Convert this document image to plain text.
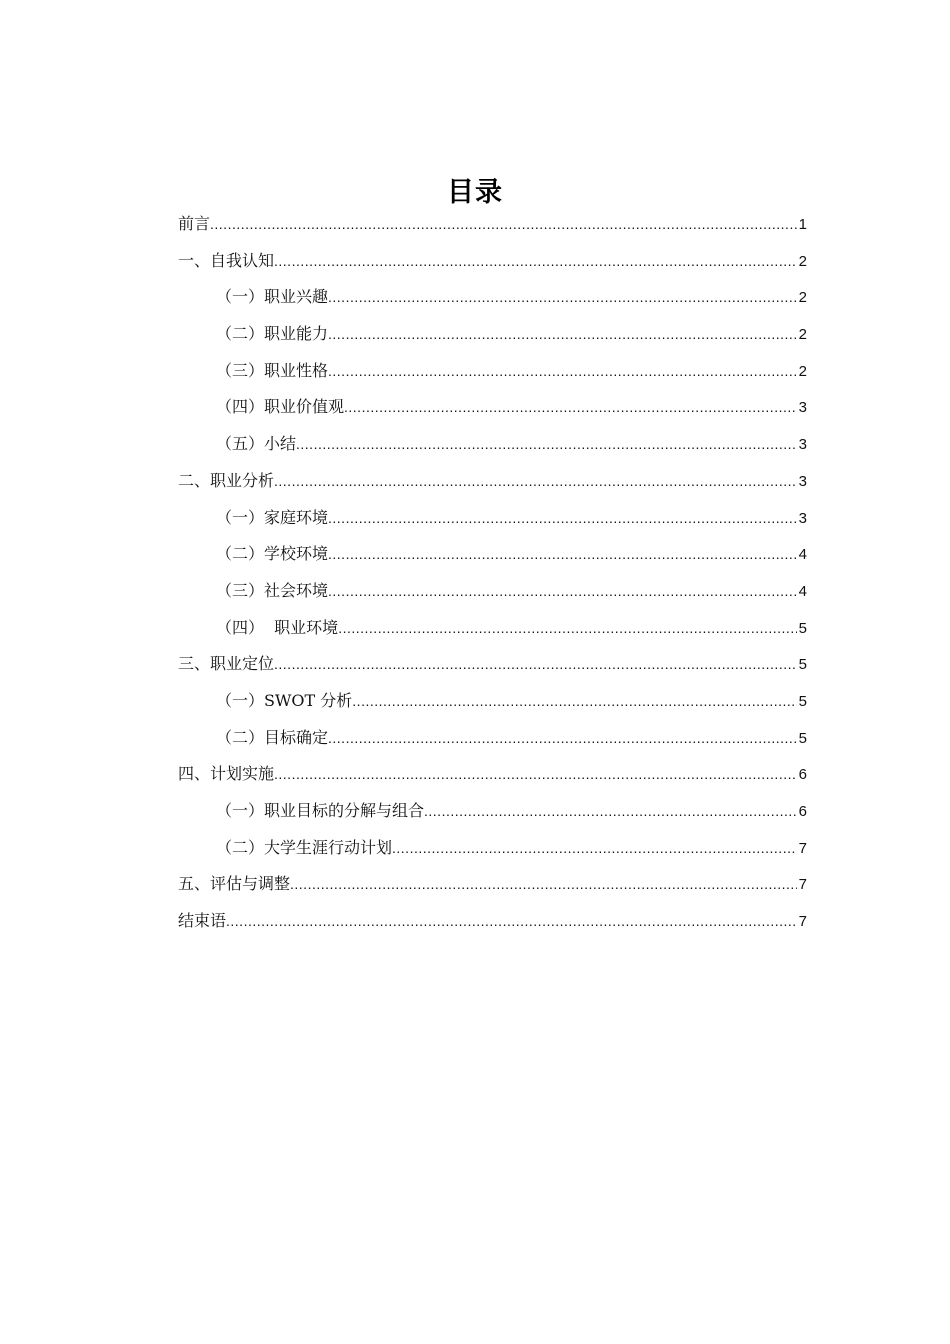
目录
前言 .....	1
一、自我认知 .....	2
（一）职业兴趣 .....	2
（二）职业能力 .....	2
（三）职业性格 .....	2
（四）职业价值观 .....	3
（五）小结 .....	3
二、职业分析 .....	3
（一）家庭环境 .....	3
（二）学校环境 .....	4
（三）社会环境 .....	4
（四）  职业环境 .....	5
三、职业定位 .....	5
（一）SWOT 分析 .....	5
（二）目标确定 .....	5
四、计划实施 .....	6
（一）职业目标的分解与组合 .....	6
（二）大学生涯行动计划 .....	7
五、评估与调整 .....	7
结束语 .....	7
